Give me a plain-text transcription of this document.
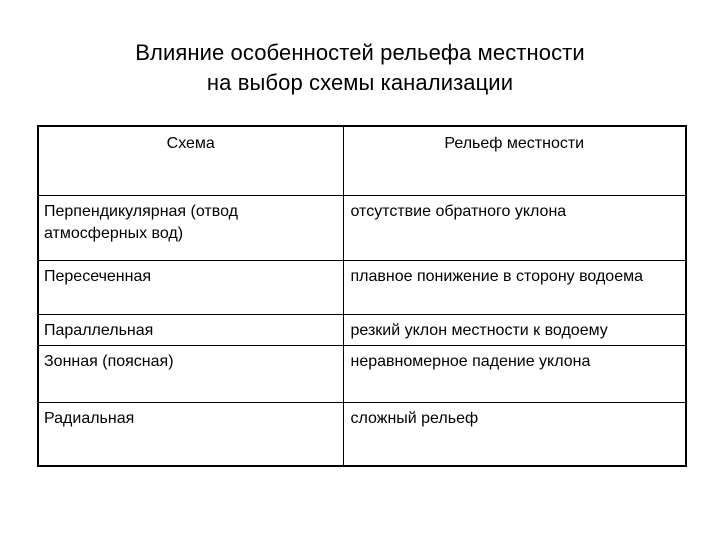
Влияние особенностей рельефа местности
на выбор схемы канализации
Схема	Рельеф местности
Перпендикулярная (отвод атмосферных вод)	отсутствие обратного уклона
Пересеченная	плавное понижение в сторону водоема
Параллельная	резкий уклон местности к водоему
Зонная (поясная)	неравномерное падение уклона
Радиальная	сложный рельеф
